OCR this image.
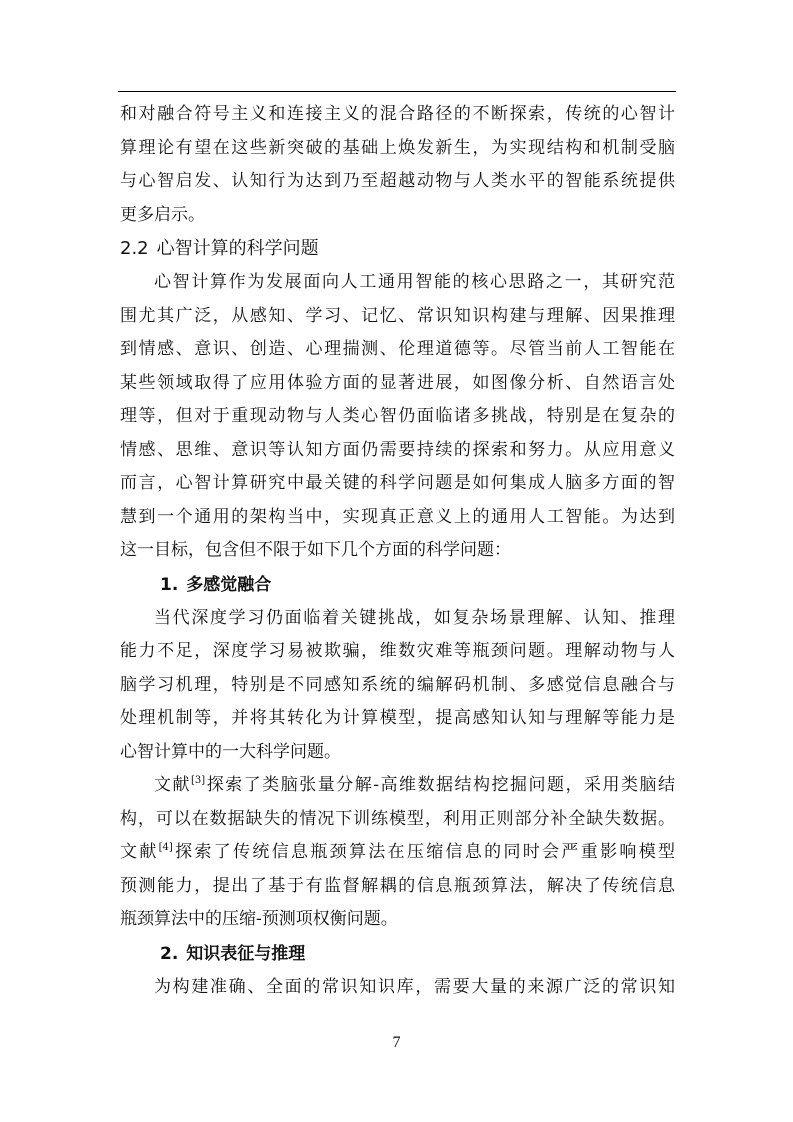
和对融合符号主义和连接主义的混合路径的不断探索，传统的心智计
算理论有望在这些新突破的基础上焕发新生，为实现结构和机制受脑
与心智启发、认知行为达到乃至超越动物与人类水平的智能系统提供
更多启示。
2.2 心智计算的科学问题
心智计算作为发展面向人工通用智能的核心思路之一，其研究范
围尤其广泛，从感知、学习、记忆、常识知识构建与理解、因果推理
到情感、意识、创造、心理揣测、伦理道德等。尽管当前人工智能在
某些领域取得了应用体验方面的显著进展，如图像分析、自然语言处
理等，但对于重现动物与人类心智仍面临诸多挑战，特别是在复杂的
情感、思维、意识等认知方面仍需要持续的探索和努力。从应用意义
而言，心智计算研究中最关键的科学问题是如何集成人脑多方面的智
慧到一个通用的架构当中，实现真正意义上的通用人工智能。为达到
这一目标，包含但不限于如下几个方面的科学问题：
1. 多感觉融合
当代深度学习仍面临着关键挑战，如复杂场景理解、认知、推理
能力不足，深度学习易被欺骗，维数灾难等瓶颈问题。理解动物与人
脑学习机理，特别是不同感知系统的编解码机制、多感觉信息融合与
处理机制等，并将其转化为计算模型，提高感知认知与理解等能力是
心智计算中的一大科学问题。
文献[3]探索了类脑张量分解-高维数据结构挖掘问题，采用类脑结
构，可以在数据缺失的情况下训练模型，利用正则部分补全缺失数据。
文献[4]探索了传统信息瓶颈算法在压缩信息的同时会严重影响模型
预测能力，提出了基于有监督解耦的信息瓶颈算法，解决了传统信息
瓶颈算法中的压缩-预测项权衡问题。
2. 知识表征与推理
为构建准确、全面的常识知识库，需要大量的来源广泛的常识知
7
